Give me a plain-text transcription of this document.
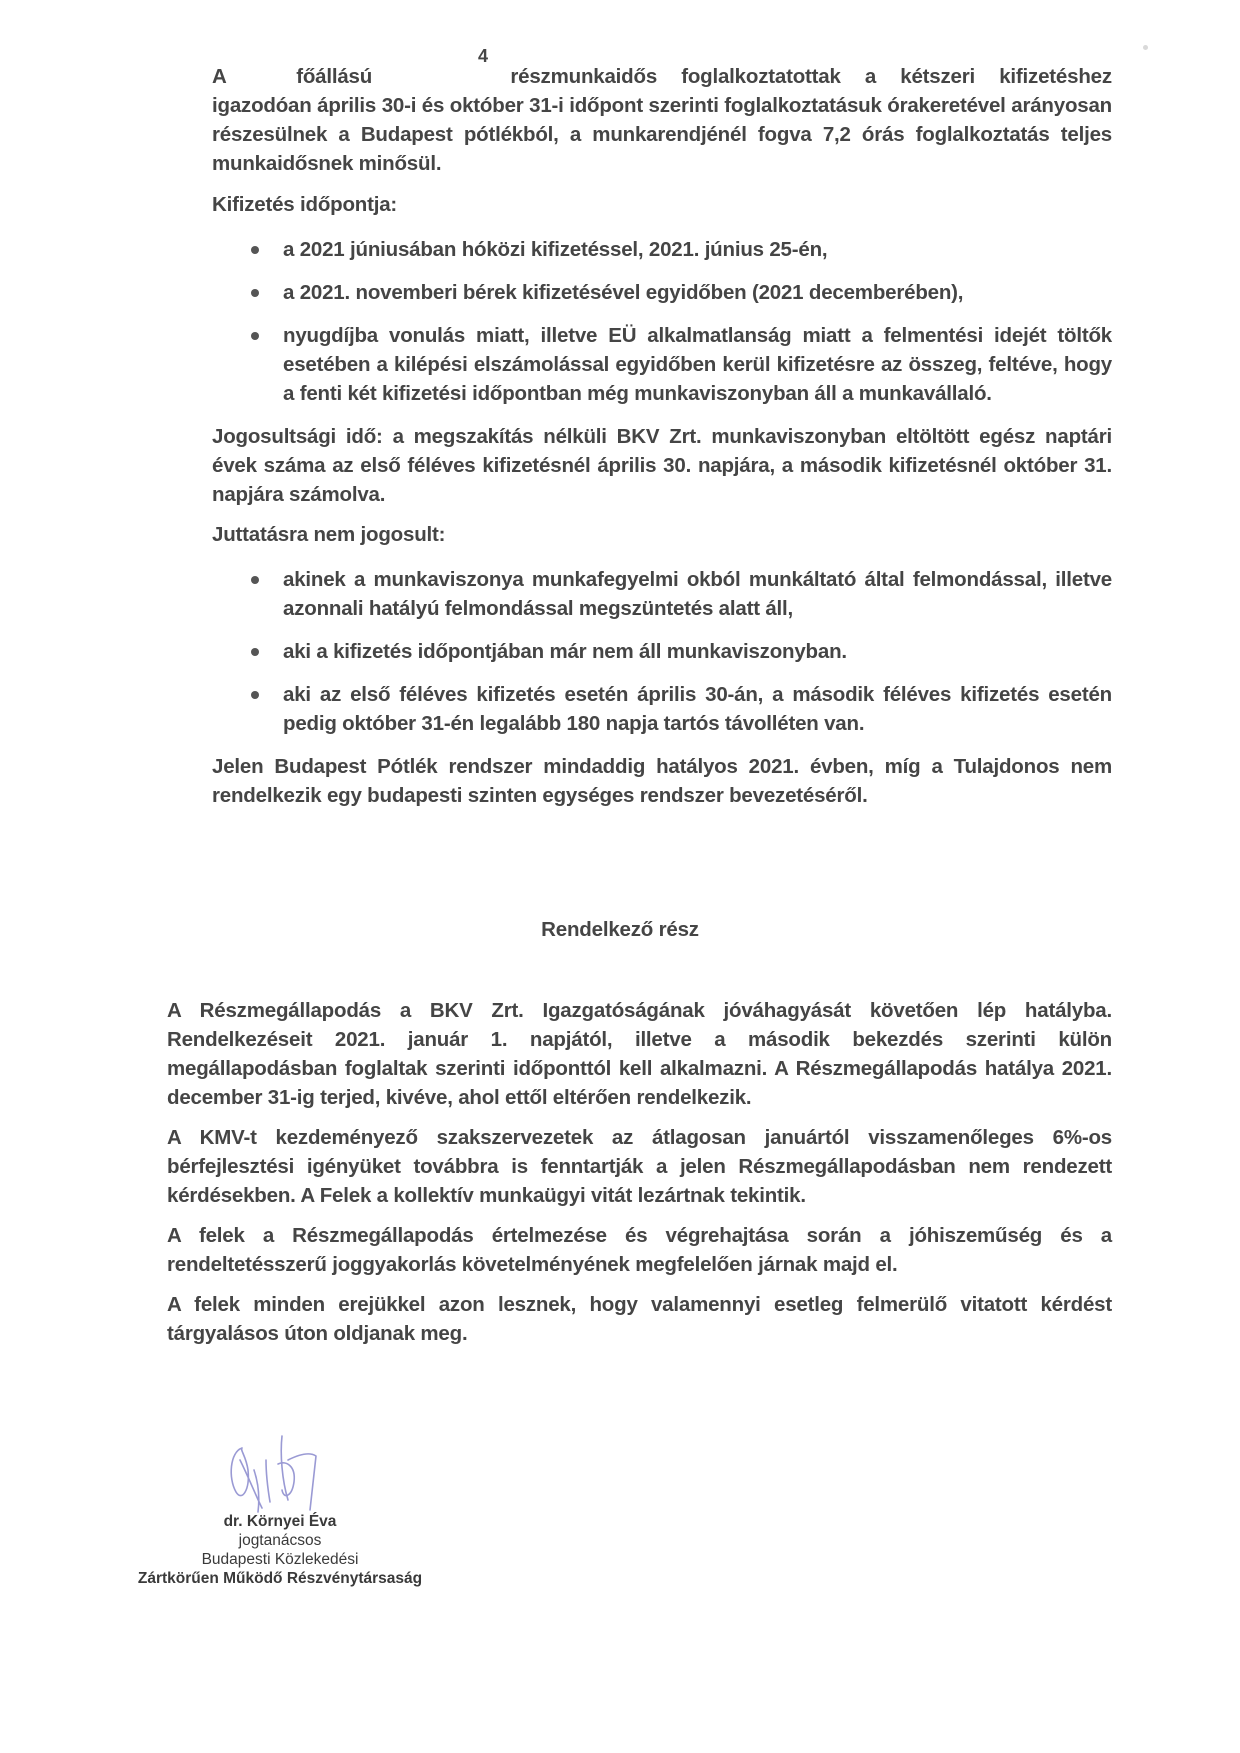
4
A	főállású	részmunkaidős foglalkoztatottak a kétszeri kifizetéshez
igazodóan április 30-i és október 31-i időpont szerinti foglalkoztatásuk órakeretével arányosan részesülnek a Budapest pótlékból, a munkarendjénél fogva 7,2 órás foglalkoztatás teljes munkaidősnek minősül.
Kifizetés időpontja:
a 2021 júniusában hóközi kifizetéssel, 2021. június 25-én,
a 2021. novemberi bérek kifizetésével egyidőben (2021 decemberében),
nyugdíjba vonulás miatt, illetve EÜ alkalmatlanság miatt a felmentési idejét töltők esetében a kilépési elszámolással egyidőben kerül kifizetésre az összeg, feltéve, hogy a fenti két kifizetési időpontban még munkaviszonyban áll a munkavállaló.
Jogosultsági idő: a megszakítás nélküli BKV Zrt. munkaviszonyban eltöltött egész naptári évek száma az első féléves kifizetésnél április 30. napjára, a második kifizetésnél október 31. napjára számolva.
Juttatásra nem jogosult:
akinek a munkaviszonya munkafegyelmi okból munkáltató által felmondással, illetve azonnali hatályú felmondással megszüntetés alatt áll,
aki a kifizetés időpontjában már nem áll munkaviszonyban.
aki az első féléves kifizetés esetén április 30-án, a második féléves kifizetés esetén pedig október 31-én legalább 180 napja tartós távolléten van.
Jelen Budapest Pótlék rendszer mindaddig hatályos 2021. évben, míg a Tulajdonos nem rendelkezik egy budapesti szinten egységes rendszer bevezetéséről.
Rendelkező rész
A Részmegállapodás a BKV Zrt. Igazgatóságának jóváhagyását követően lép hatályba. Rendelkezéseit 2021. január 1. napjától, illetve a második bekezdés szerinti külön megállapodásban foglaltak szerinti időponttól kell alkalmazni. A Részmegállapodás hatálya 2021. december 31-ig terjed, kivéve, ahol ettől eltérően rendelkezik.
A KMV-t kezdeményező szakszervezetek az átlagosan januártól visszamenőleges 6%-os bérfejlesztési igényüket továbbra is fenntartják a jelen Részmegállapodásban nem rendezett kérdésekben. A Felek a kollektív munkaügyi vitát lezártnak tekintik.
A felek a Részmegállapodás értelmezése és végrehajtása során a jóhiszeműség és a rendeltetésszerű joggyakorlás követelményének megfelelően járnak majd el.
A felek minden erejükkel azon lesznek, hogy valamennyi esetleg felmerülő vitatott kérdést tárgyalásos úton oldjanak meg.
dr. Környei Éva
jogtanácsos
Budapesti Közlekedési
Zártkörűen Működő Részvénytársaság
